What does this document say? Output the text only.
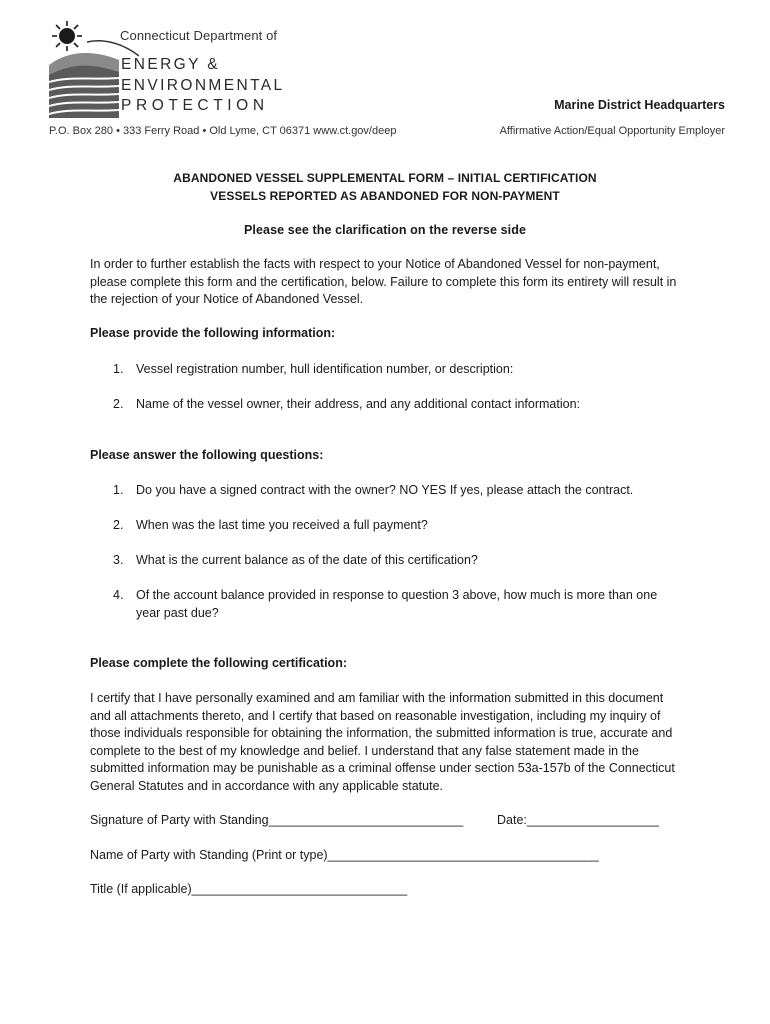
Connecticut Department of
ENERGY &
ENVIRONMENTAL
PROTECTION	Marine District Headquarters
P.O. Box 280 • 333 Ferry Road • Old Lyme, CT 06371 www.ct.gov/deep	Affirmative Action/Equal Opportunity Employer
ABANDONED VESSEL SUPPLEMENTAL FORM – INITIAL CERTIFICATION
VESSELS REPORTED AS ABANDONED FOR NON-PAYMENT
Please see the clarification on the reverse side
In order to further establish the facts with respect to your Notice of Abandoned Vessel for non-payment, please complete this form and the certification, below. Failure to complete this form its entirety will result in the rejection of your Notice of Abandoned Vessel.
Please provide the following information:
1. Vessel registration number, hull identification number, or description:
2. Name of the vessel owner, their address, and any additional contact information:
Please answer the following questions:
1. Do you have a signed contract with the owner? NO YES If yes, please attach the contract.
2. When was the last time you received a full payment?
3. What is the current balance as of the date of this certification?
4. Of the account balance provided in response to question 3 above, how much is more than one year past due?
Please complete the following certification:
I certify that I have personally examined and am familiar with the information submitted in this document and all attachments thereto, and I certify that based on reasonable investigation, including my inquiry of those individuals responsible for obtaining the information, the submitted information is true, accurate and complete to the best of my knowledge and belief. I understand that any false statement made in the submitted information may be punishable as a criminal offense under section 53a-157b of the Connecticut General Statutes and in accordance with any applicable statute.
Signature of Party with Standing____________________________	Date:___________________
Name of Party with Standing (Print or type)_______________________________________
Title (If applicable)_______________________________
